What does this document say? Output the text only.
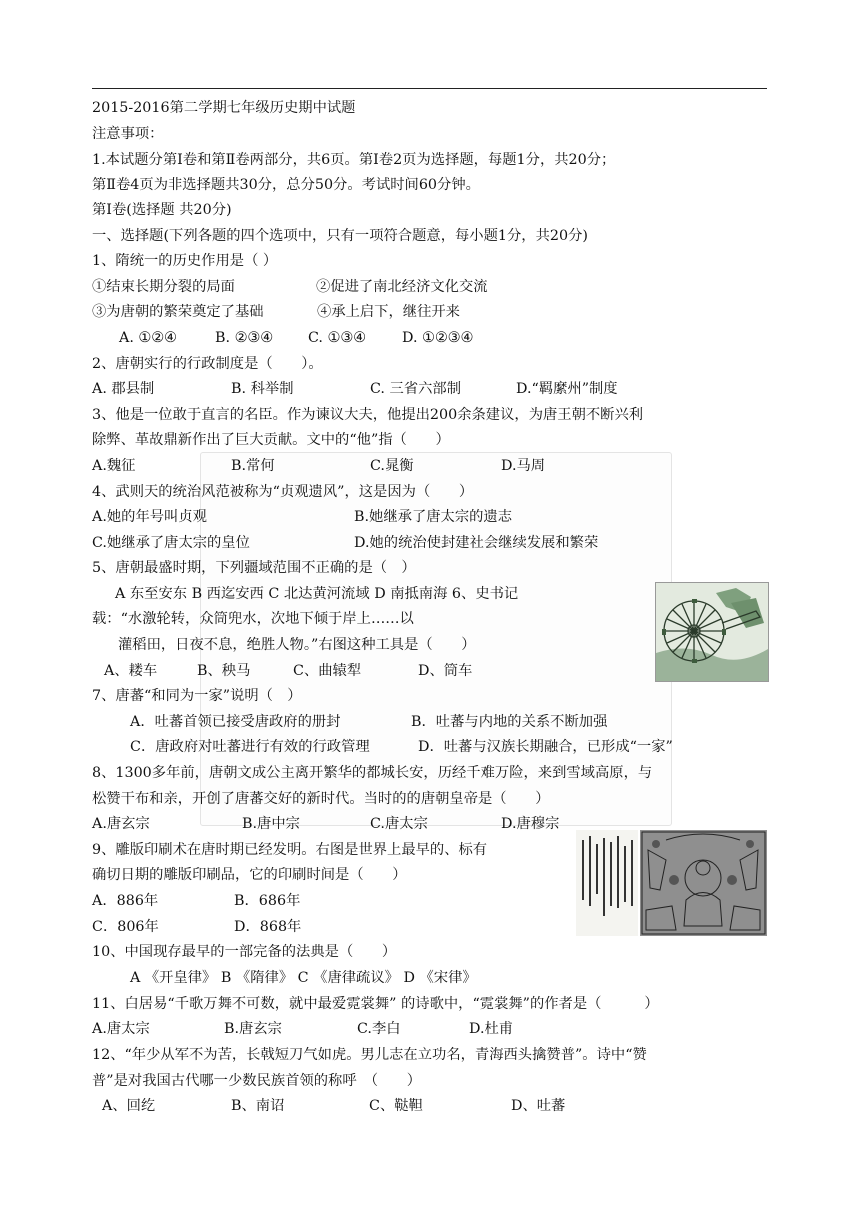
2015-2016第二学期七年级历史期中试题
注意事项：
1.本试题分第Ⅰ卷和第Ⅱ卷两部分，共6页。第Ⅰ卷2页为选择题，每题1分，共20分；
第Ⅱ卷4页为非选择题共30分，总分50分。考试时间60分钟。
第Ⅰ卷(选择题 共20分)
一、选择题(下列各题的四个选项中，只有一项符合题意，每小题1分，共20分)
1、隋统一的历史作用是（ ）
①结束长期分裂的局面	②促进了南北经济文化交流
③为唐朝的繁荣奠定了基础	④承上启下，继往开来
A. ①②④	B. ②③④ C. ①③④	D. ①②③④
2、唐朝实行的行政制度是（　　）。
A. 郡县制	B. 科举制	C. 三省六部制	D.“羁縻州”制度
3、他是一位敢于直言的名臣。作为谏议大夫，他提出200余条建议，为唐王朝不断兴利
除弊、革故鼎新作出了巨大贡献。文中的“他”指（　　）
A.魏征	B.常何	C.晁衡	D.马周
4、武则天的统治风范被称为“贞观遗风”，这是因为（　　）
A.她的年号叫贞观	B.她继承了唐太宗的遗志
C.她继承了唐太宗的皇位	D.她的统治使封建社会继续发展和繁荣
5、唐朝最盛时期，下列疆域范围不正确的是（　）
A 东至安东 B 西迄安西 C 北达黄河流域 D 南抵南海 6、史书记
载：“水激轮转，众筒兜水，次地下倾于岸上……以
灌稻田，日夜不息，绝胜人物。”右图这种工具是（　　）
A、耧车	B、秧马	C、曲辕犁	D、筒车
7、唐蕃“和同为一家”说明（　）
A．吐蕃首领已接受唐政府的册封	B．吐蕃与内地的关系不断加强
C．唐政府对吐蕃进行有效的行政管理	D．吐蕃与汉族长期融合，已形成“一家”
8、1300多年前，唐朝文成公主离开繁华的都城长安，历经千难万险，来到雪域高原，与
松赞干布和亲，开创了唐蕃交好的新时代。当时的的唐朝皇帝是（　　）
A.唐玄宗	B.唐中宗	C.唐太宗	D.唐穆宗
9、雕版印刷术在唐时期已经发明。右图是世界上最早的、标有
确切日期的雕版印刷品，它的印刷时间是（　　）
A．886年	B．686年
C．806年	D．868年
10、中国现存最早的一部完备的法典是（　　）
A 《开皇律》 B 《隋律》 C 《唐律疏议》 D 《宋律》
11、白居易“千歌万舞不可数，就中最爱霓裳舞” 的诗歌中，“霓裳舞”的作者是（　　　）
A.唐太宗	B.唐玄宗	C.李白	D.杜甫
12、“年少从军不为苦，长戟短刀气如虎。男儿志在立功名，青海西头擒赞普”。诗中“赞
普”是对我国古代哪一少数民族首领的称呼　（　　）
A、回纥	B、南诏	C、鞑靼	D、吐蕃
